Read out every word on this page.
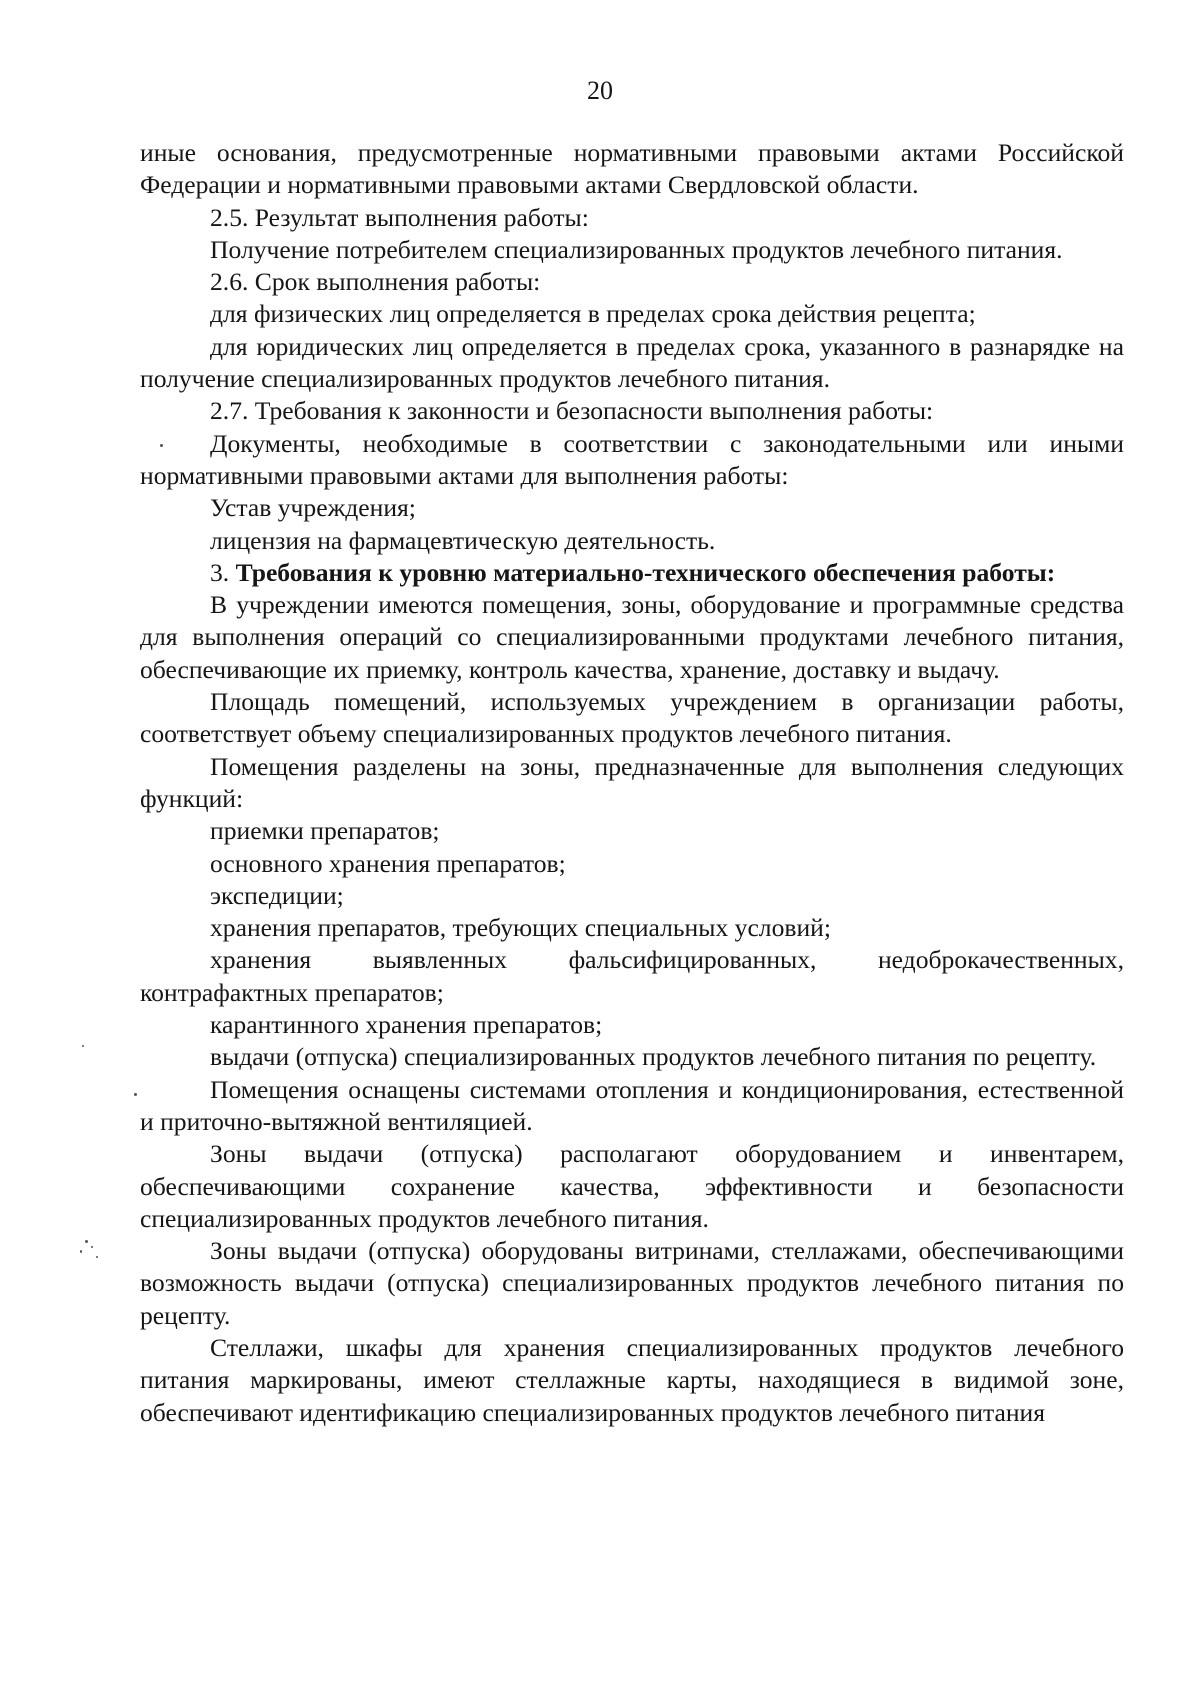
20

иные основания, предусмотренные нормативными правовыми актами Российской Федерации и нормативными правовыми актами Свердловской области.

2.5. Результат выполнения работы:

Получение потребителем специализированных продуктов лечебного питания.

2.6. Срок выполнения работы:

для физических лиц определяется в пределах срока действия рецепта;

для юридических лиц определяется в пределах срока, указанного в разнарядке на получение специализированных продуктов лечебного питания.

2.7. Требования к законности и безопасности выполнения работы:

Документы, необходимые в соответствии с законодательными или иными нормативными правовыми актами для выполнения работы:

Устав учреждения;

лицензия на фармацевтическую деятельность.

3. Требования к уровню материально-технического обеспечения работы:

В учреждении имеются помещения, зоны, оборудование и программные средства для выполнения операций со специализированными продуктами лечебного питания, обеспечивающие их приемку, контроль качества, хранение, доставку и выдачу.

Площадь помещений, используемых учреждением в организации работы, соответствует объему специализированных продуктов лечебного питания.

Помещения разделены на зоны, предназначенные для выполнения следующих функций:

приемки препаратов;

основного хранения препаратов;

экспедиции;

хранения препаратов, требующих специальных условий;

хранения выявленных фальсифицированных, недоброкачественных, контрафактных препаратов;

карантинного хранения препаратов;

выдачи (отпуска) специализированных продуктов лечебного питания по рецепту.

Помещения оснащены системами отопления и кондиционирования, естественной и приточно-вытяжной вентиляцией.

Зоны выдачи (отпуска) располагают оборудованием и инвентарем, обеспечивающими сохранение качества, эффективности и безопасности специализированных продуктов лечебного питания.

Зоны выдачи (отпуска) оборудованы витринами, стеллажами, обеспечивающими возможность выдачи (отпуска) специализированных продуктов лечебного питания по рецепту.

Стеллажи, шкафы для хранения специализированных продуктов лечебного питания маркированы, имеют стеллажные карты, находящиеся в видимой зоне, обеспечивают идентификацию специализированных продуктов лечебного питания
